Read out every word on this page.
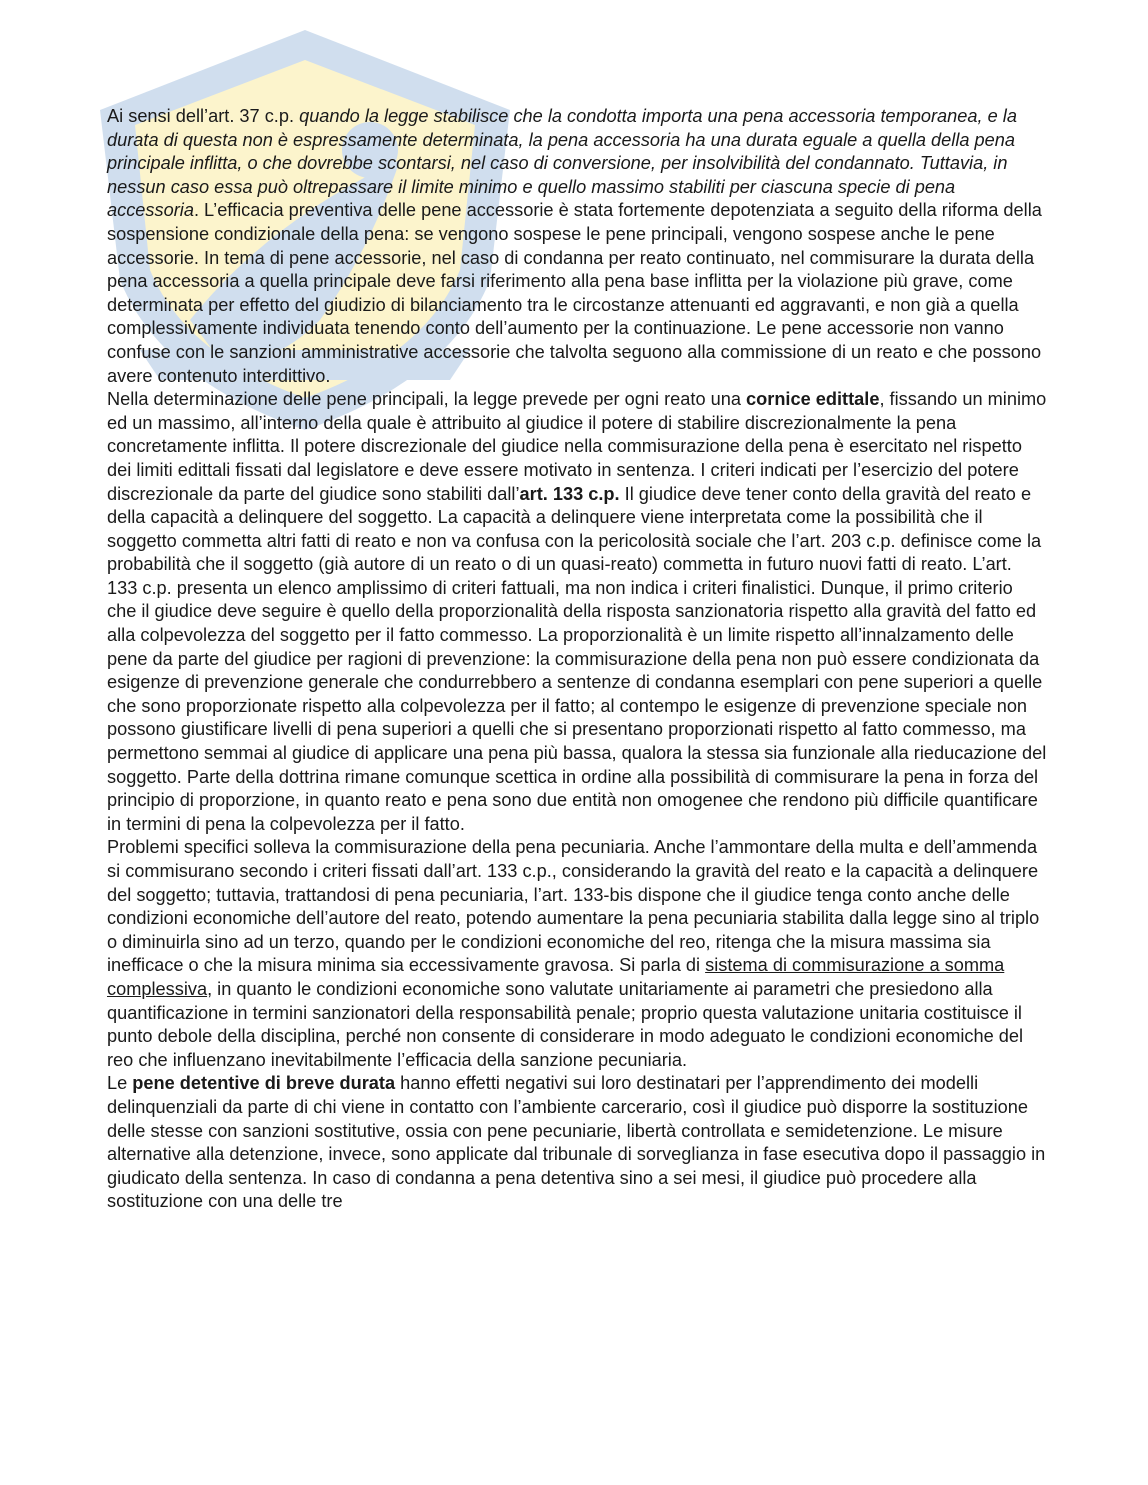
Ai sensi dell’art. 37 c.p. quando la legge stabilisce che la condotta importa una pena accessoria temporanea, e la durata di questa non è espressamente determinata, la pena accessoria ha una durata eguale a quella della pena principale inflitta, o che dovrebbe scontarsi, nel caso di conversione, per insolvibilità del condannato. Tuttavia, in nessun caso essa può oltrepassare il limite minimo e quello massimo stabiliti per ciascuna specie di pena accessoria. L’efficacia preventiva delle pene accessorie è stata fortemente depotenziata a seguito della riforma della sospensione condizionale della pena: se vengono sospese le pene principali, vengono sospese anche le pene accessorie. In tema di pene accessorie, nel caso di condanna per reato continuato, nel commisurare la durata della pena accessoria a quella principale deve farsi riferimento alla pena base inflitta per la violazione più grave, come determinata per effetto del giudizio di bilanciamento tra le circostanze attenuanti ed aggravanti, e non già a quella complessivamente individuata tenendo conto dell’aumento per la continuazione. Le pene accessorie non vanno confuse con le sanzioni amministrative accessorie che talvolta seguono alla commissione di un reato e che possono avere contenuto interdittivo.

Nella determinazione delle pene principali, la legge prevede per ogni reato una cornice edittale, fissando un minimo ed un massimo, all’interno della quale è attribuito al giudice il potere di stabilire discrezionalmente la pena concretamente inflitta. Il potere discrezionale del giudice nella commisurazione della pena è esercitato nel rispetto dei limiti edittali fissati dal legislatore e deve essere motivato in sentenza. I criteri indicati per l’esercizio del potere discrezionale da parte del giudice sono stabiliti dall’art. 133 c.p. Il giudice deve tener conto della gravità del reato e della capacità a delinquere del soggetto. La capacità a delinquere viene interpretata come la possibilità che il soggetto commetta altri fatti di reato e non va confusa con la pericolosità sociale che l’art. 203 c.p. definisce come la probabilità che il soggetto (già autore di un reato o di un quasi-reato) commetta in futuro nuovi fatti di reato. L’art. 133 c.p. presenta un elenco amplissimo di criteri fattuali, ma non indica i criteri finalistici. Dunque, il primo criterio che il giudice deve seguire è quello della proporzionalità della risposta sanzionatoria rispetto alla gravità del fatto ed alla colpevolezza del soggetto per il fatto commesso. La proporzionalità è un limite rispetto all’innalzamento delle pene da parte del giudice per ragioni di prevenzione: la commisurazione della pena non può essere condizionata da esigenze di prevenzione generale che condurrebbero a sentenze di condanna esemplari con pene superiori a quelle che sono proporzionate rispetto alla colpevolezza per il fatto; al contempo le esigenze di prevenzione speciale non possono giustificare livelli di pena superiori a quelli che si presentano proporzionati rispetto al fatto commesso, ma permettono semmai al giudice di applicare una pena più bassa, qualora la stessa sia funzionale alla rieducazione del soggetto. Parte della dottrina rimane comunque scettica in ordine alla possibilità di commisurare la pena in forza del principio di proporzione, in quanto reato e pena sono due entità non omogenee che rendono più difficile quantificare in termini di pena la colpevolezza per il fatto.

Problemi specifici solleva la commisurazione della pena pecuniaria. Anche l’ammontare della multa e dell’ammenda si commisurano secondo i criteri fissati dall’art. 133 c.p., considerando la gravità del reato e la capacità a delinquere del soggetto; tuttavia, trattandosi di pena pecuniaria, l’art. 133-bis dispone che il giudice tenga conto anche delle condizioni economiche dell’autore del reato, potendo aumentare la pena pecuniaria stabilita dalla legge sino al triplo o diminuirla sino ad un terzo, quando per le condizioni economiche del reo, ritenga che la misura massima sia inefficace o che la misura minima sia eccessivamente gravosa. Si parla di sistema di commisurazione a somma complessiva, in quanto le condizioni economiche sono valutate unitariamente ai parametri che presiedono alla quantificazione in termini sanzionatori della responsabilità penale; proprio questa valutazione unitaria costituisce il punto debole della disciplina, perché non consente di considerare in modo adeguato le condizioni economiche del reo che influenzano inevitabilmente l’efficacia della sanzione pecuniaria.

Le pene detentive di breve durata hanno effetti negativi sui loro destinatari per l’apprendimento dei modelli delinquenziali da parte di chi viene in contatto con l’ambiente carcerario, così il giudice può disporre la sostituzione delle stesse con sanzioni sostitutive, ossia con pene pecuniarie, libertà controllata e semidetenzione. Le misure alternative alla detenzione, invece, sono applicate dal tribunale di sorveglianza in fase esecutiva dopo il passaggio in giudicato della sentenza. In caso di condanna a pena detentiva sino a sei mesi, il giudice può procedere alla sostituzione con una delle tre
